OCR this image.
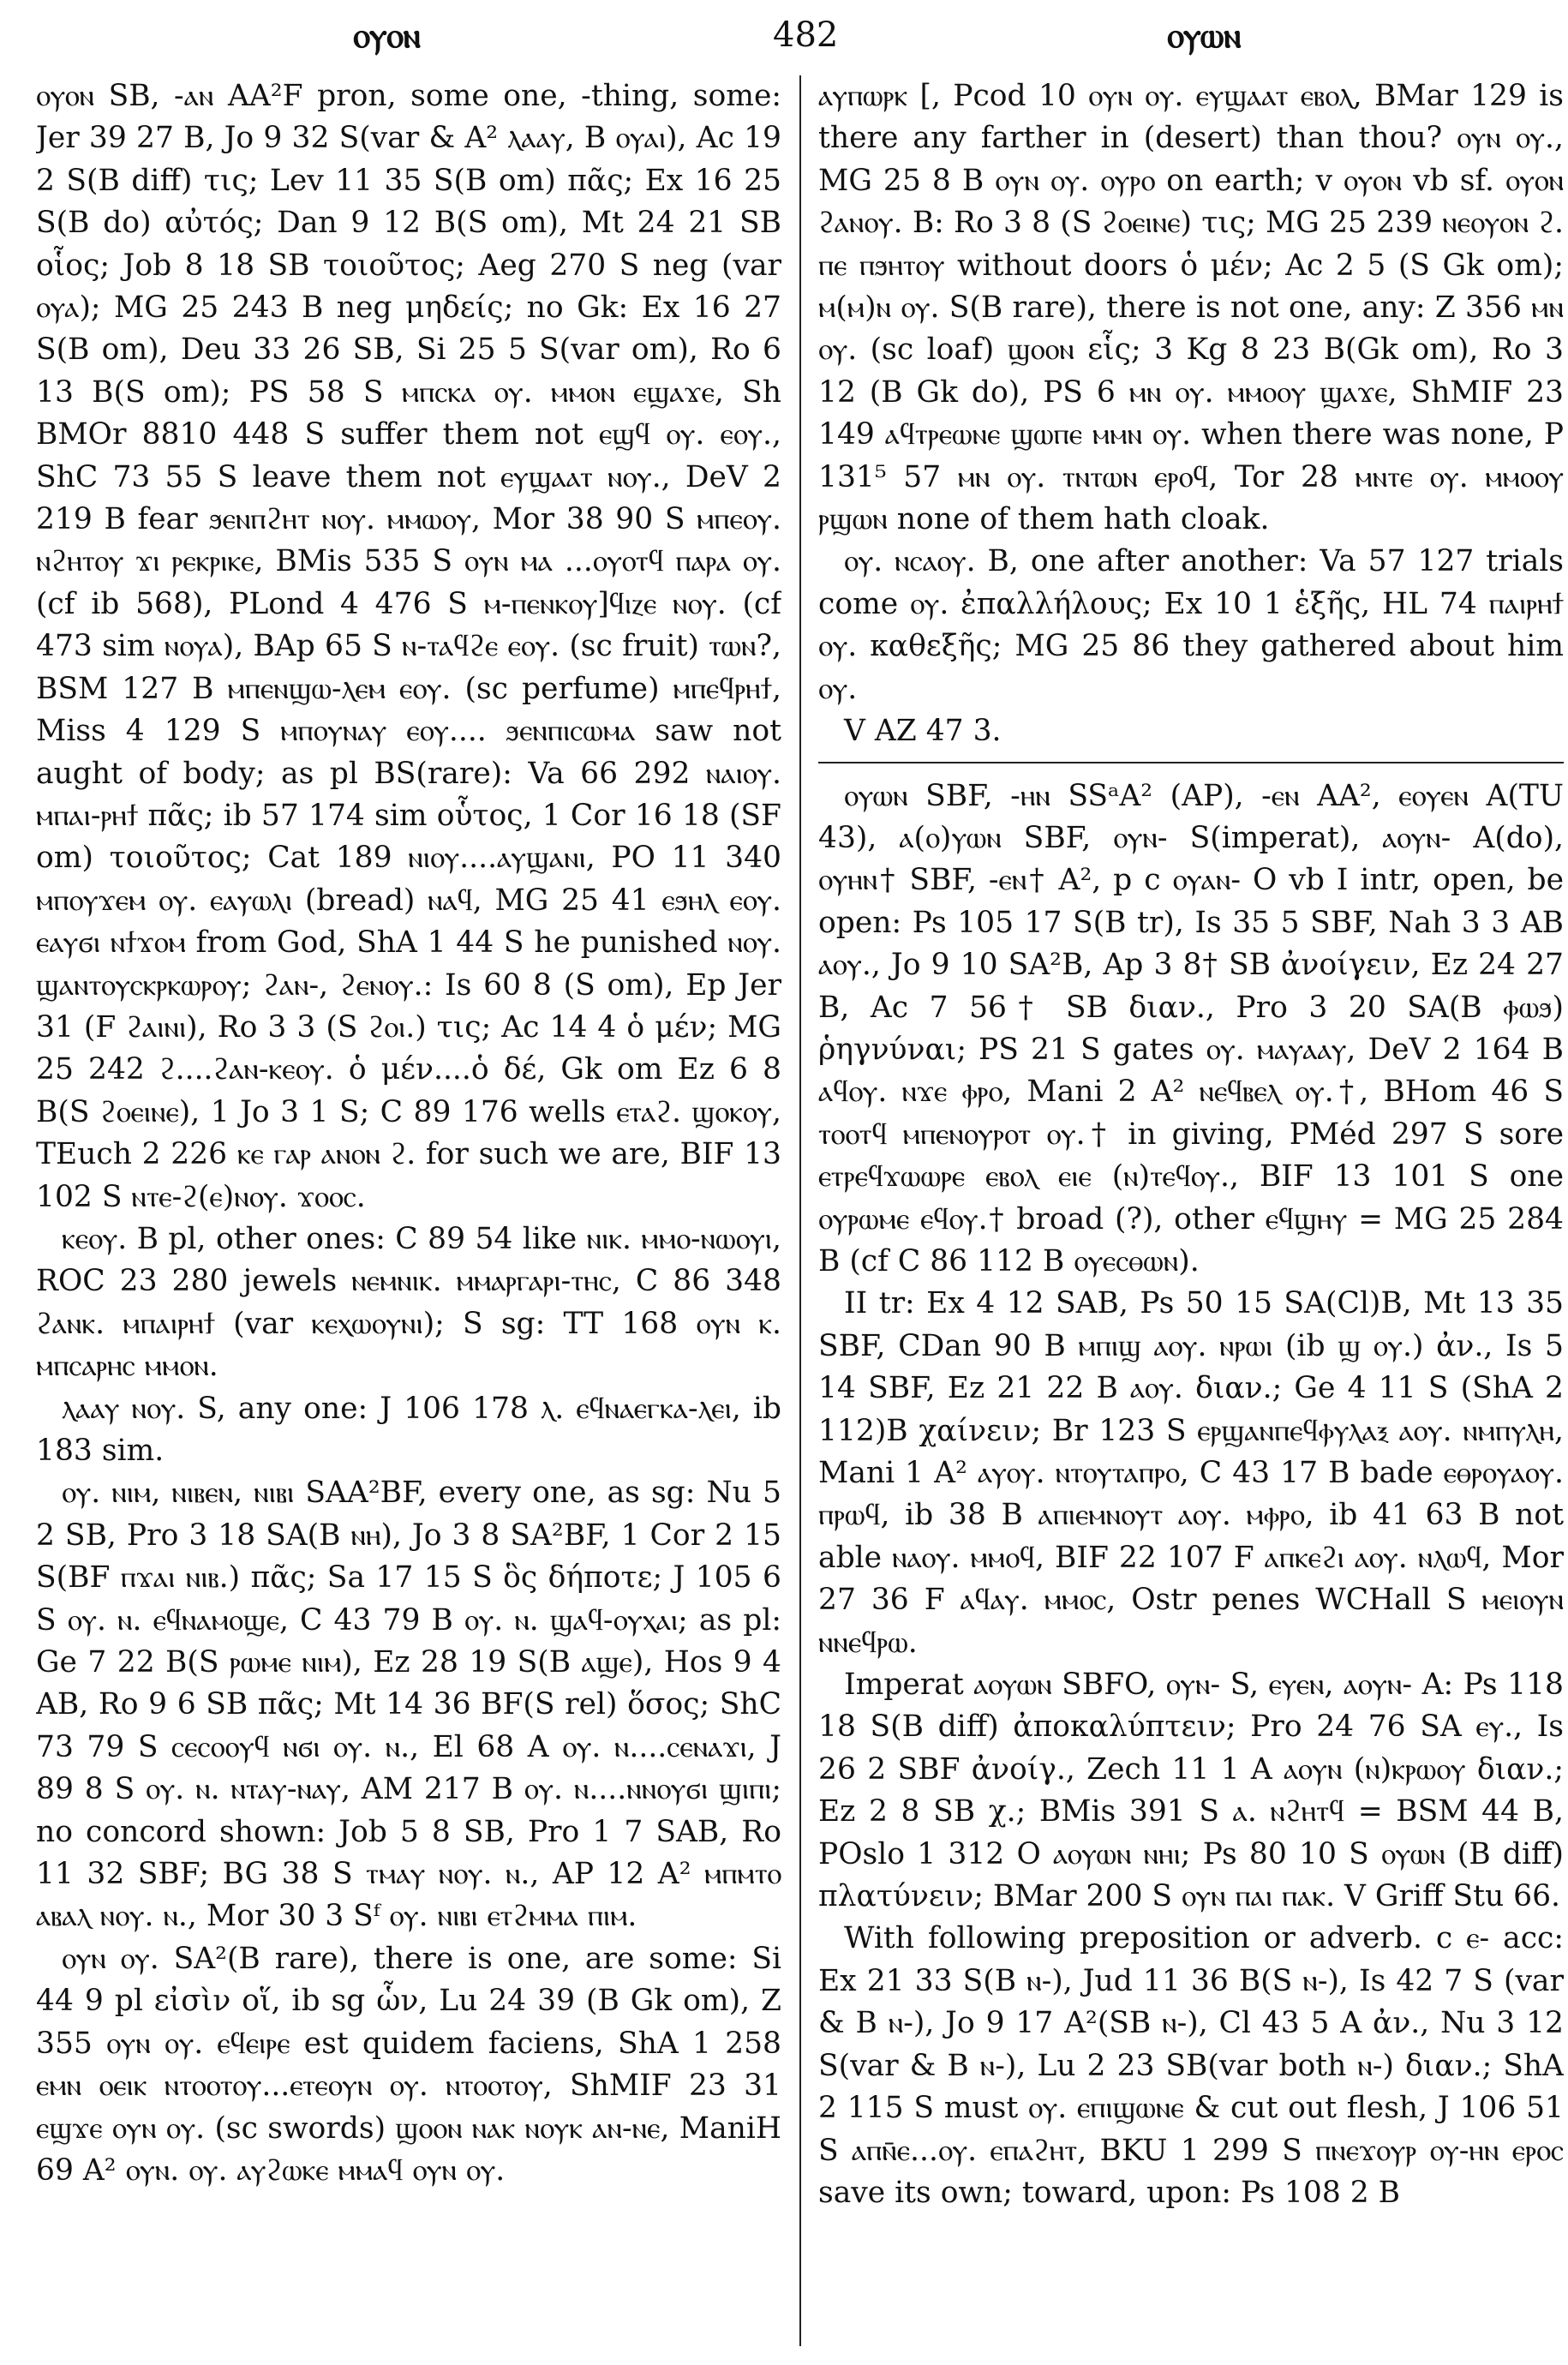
ⲟⲩⲟⲛ	482	ⲟⲩⲱⲛ

ⲟⲩⲟⲛ SB, -ⲁⲛ AA²F pron, some one, -thing, some: Jer 39 27 B, Jo 9 32 S(var & A² ⲗⲁⲁⲩ, B ⲟⲩⲁⲓ), Ac 19 2 S(B diff) τις; Lev 11 35 S(B om) πᾶς; Ex 16 25 S(B do) αὐτός; Dan 9 12 B(S om), Mt 24 21 SB οἷος; Job 8 18 SB τοιοῦτος; Aeg 270 S neg (var ⲟⲩⲁ); MG 25 243 B neg μηδείς; no Gk: Ex 16 27 S(B om), Deu 33 26 SB, Si 25 5 S(var om), Ro 6 13 B(S om); PS 58 S ⲙⲡⲥⲕⲁ ⲟⲩ. ⲙⲙⲟⲛ ⲉϣⲁϫⲉ, Sh BMOr 8810 448 S suffer them not ⲉϣϥ ⲟⲩ. ⲉⲟⲩ., ShC 73 55 S leave them not ⲉⲩϣⲁⲁⲧ ⲛⲟⲩ., DeV 2 219 B fear ϧⲉⲛⲡϩⲏⲧ ⲛⲟⲩ. ⲙⲙⲱⲟⲩ, Mor 38 90 S ⲙⲡⲉⲟⲩ. ⲛϩⲏⲧⲟⲩ ϫⲓ ⲣⲉⲕⲣⲓⲕⲉ, BMis 535 S ⲟⲩⲛ ⲙⲁ ...ⲟⲩⲟⲧϥ ⲡⲁⲣⲁ ⲟⲩ. (cf ib 568), PLond 4 476 S ⲙ-ⲡⲉⲛⲕⲟⲩ]ϥⲓⲍⲉ ⲛⲟⲩ. (cf 473 sim ⲛⲟⲩⲁ), BAp 65 S ⲛ-ⲧⲁϥϩⲉ ⲉⲟⲩ. (sc fruit) ⲧⲱⲛ?, BSM 127 B ⲙⲡⲉⲛϣⲱ-ⲗⲉⲙ ⲉⲟⲩ. (sc perfume) ⲙⲡⲉϥⲣⲏϯ, Miss 4 129 S ⲙⲡⲟⲩⲛⲁⲩ ⲉⲟⲩ.... ϧⲉⲛⲡⲓⲥⲱⲙⲁ saw not aught of body; as pl BS(rare): Va 66 292 ⲛⲁⲓⲟⲩ. ⲙⲡⲁⲓ-ⲣⲏϯ πᾶς; ib 57 174 sim οὗτος, 1 Cor 16 18 (SF om) τοιοῦτος; Cat 189 ⲛⲓⲟⲩ....ⲁⲩϣⲁⲛⲓ, PO 11 340 ⲙⲡⲟⲩϫⲉⲙ ⲟⲩ. ⲉⲁⲩⲱⲗⲓ (bread) ⲛⲁϥ, MG 25 41 ⲉϧⲏⲗ ⲉⲟⲩ. ⲉⲁⲩϭⲓ ⲛϯϫⲟⲙ from God, ShA 1 44 S he punished ⲛⲟⲩ. ϣⲁⲛⲧⲟⲩⲥⲕⲣⲕⲱⲣⲟⲩ; ϩⲁⲛ-, ϩⲉⲛⲟⲩ.: Is 60 8 (S om), Ep Jer 31 (F ϩⲁⲓⲛⲓ), Ro 3 3 (S ϩⲟⲓ.) τις; Ac 14 4 ὁ μέν; MG 25 242 ϩ....ϩⲁⲛ-ⲕⲉⲟⲩ. ὁ μέν....ὁ δέ, Gk om Ez 6 8 B(S ϩⲟⲉⲓⲛⲉ), 1 Jo 3 1 S; C 89 176 wells ⲉⲧⲁϩ. ϣⲟⲕⲟⲩ, TEuch 2 226 ⲕⲉ ⲅⲁⲣ ⲁⲛⲟⲛ ϩ. for such we are, BIF 13 102 S ⲛⲧⲉ-ϩ(ⲉ)ⲛⲟⲩ. ϫⲟⲟⲥ.

ⲕⲉⲟⲩ. B pl, other ones: C 89 54 like ⲛⲓⲕ. ⲙⲙⲟ-ⲛⲱⲟⲩⲓ, ROC 23 280 jewels ⲛⲉⲙⲛⲓⲕ. ⲙⲙⲁⲣⲅⲁⲣⲓ-ⲧⲏⲥ, C 86 348 ϩⲁⲛⲕ. ⲙⲡⲁⲓⲣⲏϯ (var ⲕⲉⲭⲱⲟⲩⲛⲓ); S sg: TT 168 ⲟⲩⲛ ⲕ. ⲙⲡⲥⲁⲣⲏⲥ ⲙⲙⲟⲛ.

ⲗⲁⲁⲩ ⲛⲟⲩ. S, any one: J 106 178 ⲗ. ⲉϥⲛⲁⲉⲅⲕⲁ-ⲗⲉⲓ, ib 183 sim.

ⲟⲩ. ⲛⲓⲙ, ⲛⲓⲃⲉⲛ, ⲛⲓⲃⲓ SAA²BF, every one, as sg: Nu 5 2 SB, Pro 3 18 SA(B ⲛⲏ), Jo 3 8 SA²BF, 1 Cor 2 15 S(BF ⲡϫⲁⲓ ⲛⲓⲃ.) πᾶς; Sa 17 15 S ὃς δήποτε; J 105 6 S ⲟⲩ. ⲛ. ⲉϥⲛⲁⲙⲟϣⲉ, C 43 79 B ⲟⲩ. ⲛ. ϣⲁϥ-ⲟⲩⲭⲁⲓ; as pl: Ge 7 22 B(S ⲣⲱⲙⲉ ⲛⲓⲙ), Ez 28 19 S(B ⲁϣⲉ), Hos 9 4 AB, Ro 9 6 SB πᾶς; Mt 14 36 BF(S rel) ὅσος; ShC 73 79 S ⲥⲉⲥⲟⲟⲩϥ ⲛϭⲓ ⲟⲩ. ⲛ., El 68 A ⲟⲩ. ⲛ....ⲥⲉⲛⲁϫⲓ, J 89 8 S ⲟⲩ. ⲛ. ⲛⲧⲁⲩ-ⲛⲁⲩ, AM 217 B ⲟⲩ. ⲛ....ⲛⲛⲟⲩϭⲓ ϣⲓⲡⲓ; no concord shown: Job 5 8 SB, Pro 1 7 SAB, Ro 11 32 SBF; BG 38 S ⲧⲙⲁⲩ ⲛⲟⲩ. ⲛ., AP 12 A² ⲙⲡⲙⲧⲟ ⲁⲃⲁⲗ ⲛⲟⲩ. ⲛ., Mor 30 3 Sᶠ ⲟⲩ. ⲛⲓⲃⲓ ⲉⲧϩⲙⲙⲁ ⲡⲓⲙ.

ⲟⲩⲛ ⲟⲩ. SA²(B rare), there is one, are some: Si 44 9 pl εἰσὶν οἵ, ib sg ὧν, Lu 24 39 (B Gk om), Z 355 ⲟⲩⲛ ⲟⲩ. ⲉϥⲉⲓⲣⲉ est quidem faciens, ShA 1 258 ⲉⲙⲛ ⲟⲉⲓⲕ ⲛⲧⲟⲟⲧⲟⲩ...ⲉⲧⲉⲟⲩⲛ ⲟⲩ. ⲛⲧⲟⲟⲧⲟⲩ, ShMIF 23 31 ⲉϣϫⲉ ⲟⲩⲛ ⲟⲩ. (sc swords) ϣⲟⲟⲛ ⲛⲁⲕ ⲛⲟⲩⲕ ⲁⲛ-ⲛⲉ, ManiH 69 A² ⲟⲩⲛ. ⲟⲩ. ⲁⲩϩⲱⲕⲉ ⲙⲙⲁϥ ⲟⲩⲛ ⲟⲩ.

ⲁⲩⲡⲱⲣⲕ [, Pcod 10 ⲟⲩⲛ ⲟⲩ. ⲉⲩϣⲁⲁⲧ ⲉⲃⲟⲗ, BMar 129 is there any farther in (desert) than thou? ⲟⲩⲛ ⲟⲩ., MG 25 8 B ⲟⲩⲛ ⲟⲩ. ⲟⲩⲣⲟ on earth; v ⲟⲩⲟⲛ vb sf. ⲟⲩⲟⲛ ϩⲁⲛⲟⲩ. B: Ro 3 8 (S ϩⲟⲉⲓⲛⲉ) τις; MG 25 239 ⲛⲉⲟⲩⲟⲛ ϩ. ⲡⲉ ⲡϧⲏⲧⲟⲩ without doors ὁ μέν; Ac 2 5 (S Gk om); ⲙ(ⲙ)ⲛ ⲟⲩ. S(B rare), there is not one, any: Z 356 ⲙⲛ ⲟⲩ. (sc loaf) ϣⲟⲟⲛ εἷς; 3 Kg 8 23 B(Gk om), Ro 3 12 (B Gk do), PS 6 ⲙⲛ ⲟⲩ. ⲙⲙⲟⲟⲩ ϣⲁϫⲉ, ShMIF 23 149 ⲁϥⲧⲣⲉⲱⲛⲉ ϣⲱⲡⲉ ⲙⲙⲛ ⲟⲩ. when there was none, P 131⁵ 57 ⲙⲛ ⲟⲩ. ⲧⲛⲧⲱⲛ ⲉⲣⲟϥ, Tor 28 ⲙⲛⲧⲉ ⲟⲩ. ⲙⲙⲟⲟⲩ ⲣϣⲱⲛ none of them hath cloak.

ⲟⲩ. ⲛⲥⲁⲟⲩ. B, one after another: Va 57 127 trials come ⲟⲩ. ἐπαλλήλους; Ex 10 1 ἑξῆς, HL 74 ⲡⲁⲓⲣⲏϯ ⲟⲩ. καθεξῆς; MG 25 86 they gathered about him ⲟⲩ.

V AZ 47 3.

ⲟⲩⲱⲛ SBF, -ⲏⲛ SSᵃA² (AP), -ⲉⲛ AA², ⲉⲟⲩⲉⲛ A(TU 43), ⲁ(ⲟ)ⲩⲱⲛ SBF, ⲟⲩⲛ- S(imperat), ⲁⲟⲩⲛ- A(do), ⲟⲩⲏⲛ† SBF, -ⲉⲛ† A², p c ⲟⲩⲁⲛ- O vb I intr, open, be open: Ps 105 17 S(B tr), Is 35 5 SBF, Nah 3 3 AB ⲁⲟⲩ., Jo 9 10 SA²B, Ap 3 8† SB ἀνοίγειν, Ez 24 27 B, Ac 7 56† SB διαν., Pro 3 20 SA(B ⲫⲱϧ) ῥηγνύναι; PS 21 S gates ⲟⲩ. ⲙⲁⲩⲁⲁⲩ, DeV 2 164 B ⲁϥⲟⲩ. ⲛϫⲉ ⲫⲣⲟ, Mani 2 A² ⲛⲉϥⲃⲉⲗ ⲟⲩ.†, BHom 46 S ⲧⲟⲟⲧϥ ⲙⲡⲉⲛⲟⲩⲣⲟⲧ ⲟⲩ.† in giving, PMéd 297 S sore ⲉⲧⲣⲉϥϫⲱⲱⲣⲉ ⲉⲃⲟⲗ ⲉⲓⲉ (ⲛ)ⲧⲉϥⲟⲩ., BIF 13 101 S one ⲟⲩⲣⲱⲙⲉ ⲉϥⲟⲩ.† broad (?), other ⲉϥϣⲏⲩ = MG 25 284 B (cf C 86 112 B ⲟⲩⲉⲥⲑⲱⲛ).

II tr: Ex 4 12 SAB, Ps 50 15 SA(Cl)B, Mt 13 35 SBF, CDan 90 B ⲙⲡⲓϣ ⲁⲟⲩ. ⲛⲣⲱⲓ (ib ϣ ⲟⲩ.) ἀν., Is 5 14 SBF, Ez 21 22 B ⲁⲟⲩ. διαν.; Ge 4 11 S (ShA 2 112)B χαίνειν; Br 123 S ⲉⲣϣⲁⲛⲡⲉϥⲫⲩⲗⲁⲝ ⲁⲟⲩ. ⲛⲙⲡⲩⲗⲏ, Mani 1 A² ⲁⲩⲟⲩ. ⲛⲧⲟⲩⲧⲁⲡⲣⲟ, C 43 17 B bade ⲉⲑⲣⲟⲩⲁⲟⲩ. ⲡⲣⲱϥ, ib 38 B ⲁⲡⲓⲉⲙⲛⲟⲩⲧ ⲁⲟⲩ. ⲙⲫⲣⲟ, ib 41 63 B not able ⲛⲁⲟⲩ. ⲙⲙⲟϥ, BIF 22 107 F ⲁⲡⲕⲉϩⲓ ⲁⲟⲩ. ⲛⲗⲱϥ, Mor 27 36 F ⲁϥⲁⲩ. ⲙⲙⲟⲥ, Ostr penes WCHall S ⲙⲉⲓⲟⲩⲛ ⲛⲛⲉϥⲣⲱ.

Imperat ⲁⲟⲩⲱⲛ SBFO, ⲟⲩⲛ- S, ⲉⲩⲉⲛ, ⲁⲟⲩⲛ- A: Ps 118 18 S(B diff) ἀποκαλύπτειν; Pro 24 76 SA ⲉⲩ., Is 26 2 SBF ἀνοίγ., Zech 11 1 A ⲁⲟⲩⲛ (ⲛ)ⲕⲣⲱⲟⲩ διαν.; Ez 2 8 SB χ.; BMis 391 S ⲁ. ⲛϩⲏⲧϥ = BSM 44 B, POslo 1 312 O ⲁⲟⲩⲱⲛ ⲛⲏⲓ; Ps 80 10 S ⲟⲩⲱⲛ (B diff) πλατύνειν; BMar 200 S ⲟⲩⲛ ⲡⲁⲓ ⲡⲁⲕ. V Griff Stu 66.

With following preposition or adverb. c ⲉ- acc: Ex 21 33 S(B ⲛ-), Jud 11 36 B(S ⲛ-), Is 42 7 S (var & B ⲛ-), Jo 9 17 A²(SB ⲛ-), Cl 43 5 A ἀν., Nu 3 12 S(var & B ⲛ-), Lu 2 23 SB(var both ⲛ-) διαν.; ShA 2 115 S must ⲟⲩ. ⲉⲡⲓϣⲱⲛⲉ & cut out flesh, J 106 51 S ⲁⲡⲛ̄ⲉ...ⲟⲩ. ⲉⲡⲁϩⲏⲧ, BKU 1 299 S ⲡⲛⲉϫⲟⲩⲣ ⲟⲩ-ⲏⲛ ⲉⲣⲟⲥ save its own; toward, upon: Ps 108 2 B
